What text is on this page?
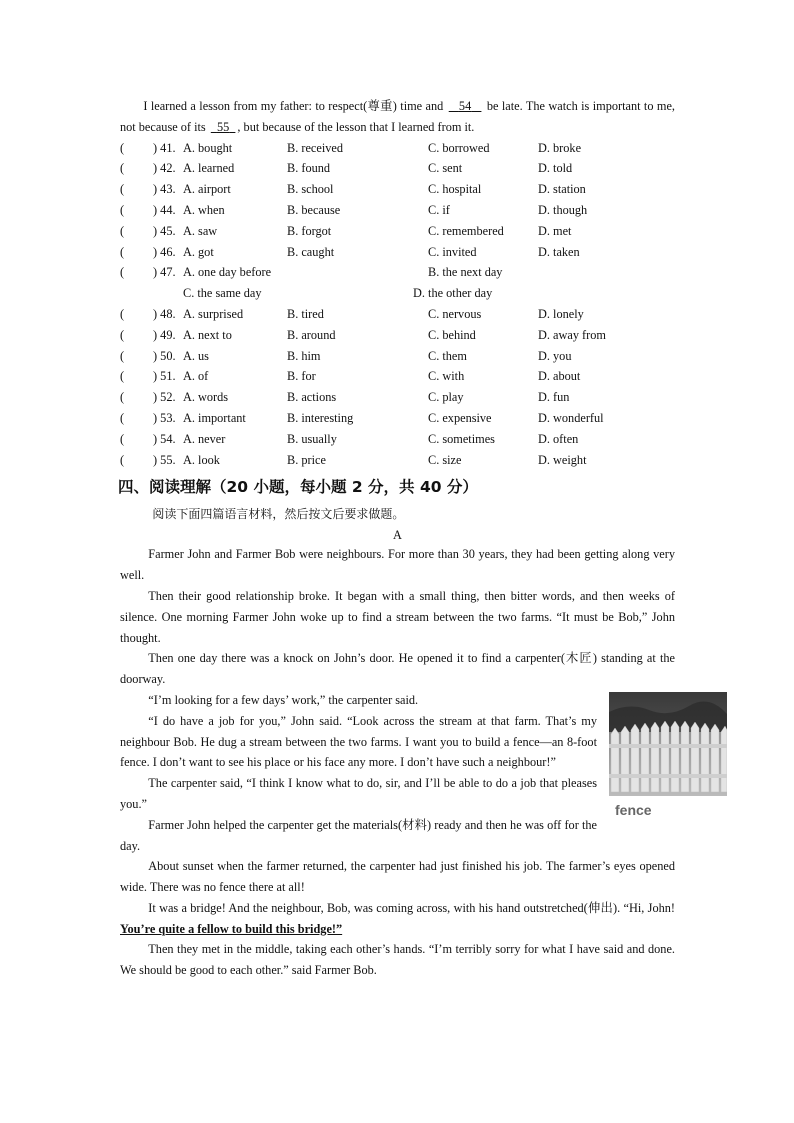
I learned a lesson from my father: to respect(尊重) time and 54 be late. The watch is important to me, not because of its 55 , but because of the lesson that I learned from it.

(	) 41. A. bought	B. received	C. borrowed	D. broke
(	) 42. A. learned	B. found	C. sent	D. told
(	) 43. A. airport	B. school	C. hospital	D. station
(	) 44. A. when	B. because	C. if	D. though
(	) 45. A. saw	B. forgot	C. remembered	D. met
(	) 46. A. got	B. caught	C. invited	D. taken
(	) 47. A. one day before	B. the next day
C. the same day	D. the other day
(	) 48. A. surprised	B. tired	C. nervous	D. lonely
(	) 49. A. next to	B. around	C. behind	D. away from
(	) 50. A. us	B. him	C. them	D. you
(	) 51. A. of	B. for	C. with	D. about
(	) 52. A. words	B. actions	C. play	D. fun
(	) 53. A. important	B. interesting	C. expensive	D. wonderful
(	) 54. A. never	B. usually	C. sometimes	D. often
(	) 55. A. look	B. price	C. size	D. weight
四、阅读理解（20 小题，每小题 2 分，共 40 分）
阅读下面四篇语言材料，然后按文后要求做题。
A

Farmer John and Farmer Bob were neighbours. For more than 30 years, they had been getting along very well.

Then their good relationship broke. It began with a small thing, then bitter words, and then weeks of silence. One morning Farmer John woke up to find a stream between the two farms. “It must be Bob,” John thought.

Then one day there was a knock on John’s door. He opened it to find a carpenter(木匠) standing at the doorway.

fence

“I’m looking for a few days’ work,” the carpenter said.

“I do have a job for you,” John said. “Look across the stream at that farm. That’s my neighbour Bob. He dug a stream between the two farms. I want you to build a fence—an 8-foot fence. I don’t want to see his place or his face any more. I don’t have such a neighbour!”

The carpenter said, “I think I know what to do, sir, and I’ll be able to do a job that pleases you.”

Farmer John helped the carpenter get the materials(材料) ready and then he was off for the day.

About sunset when the farmer returned, the carpenter had just finished his job. The farmer’s eyes opened wide. There was no fence there at all!

It was a bridge! And the neighbour, Bob, was coming across, with his hand outstretched(伸出). “Hi, John! You’re quite a fellow to build this bridge!”

Then they met in the middle, taking each other’s hands. “I’m terribly sorry for what I have said and done. We should be good to each other.” said Farmer Bob.
